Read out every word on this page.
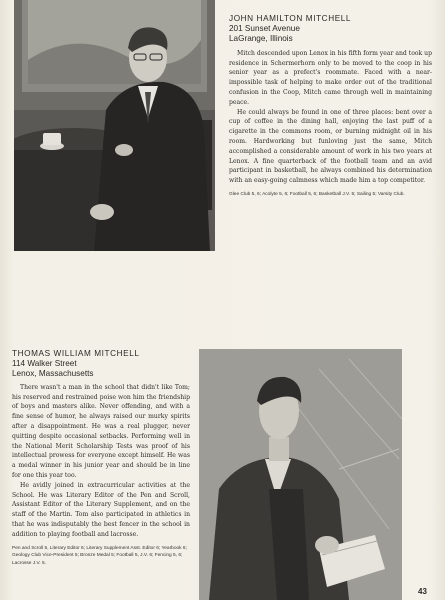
JOHN HAMILTON MITCHELL

201 Sunset Avenue

LaGrange, Illinois

Mitch descended upon Lenox in his fifth form year and took up residence in Schermerhorn only to be moved to the coop in his senior year as a prefect's roommate. Faced with a near-impossible task of helping to make order out of the traditional confusion in the Coop, Mitch came through well in maintaining peace.

He could always be found in one of three places: bent over a cup of coffee in the dining hall, enjoying the last puff of a cigarette in the commons room, or burning midnight oil in his room. Hardworking but funloving just the same, Mitch accomplished a considerable amount of work in his two years at Lenox. A fine quarterback of the football team and an avid participant in basketball, he always combined his determination with an easy-going calmness which made him a top competitor.

Glee Club 5, 6; Acolyte 5, 6; Football 5, 6; Basketball J.V. 5; Sailing 5; Varsity Club.

THOMAS WILLIAM MITCHELL

114 Walker Street

Lenox, Massachusetts

There wasn't a man in the school that didn't like Tom; his reserved and restrained poise won him the friendship of boys and masters alike. Never offending, and with a fine sense of humor, he always raised our murky spirits after a disappointment. He was a real plugger, never quitting despite occasional setbacks. Performing well in the National Merit Scholarship Tests was proof of his intellectual prowess for everyone except himself. He was a medal winner in his junior year and should be in line for one this year too.

He avidly joined in extracurricular activities at the School. He was Literary Editor of the Pen and Scroll, Assistant Editor of the Literary Supplement, and on the staff of the Martin. Tom also participated in athletics in that he was indisputably the best fencer in the school in addition to playing football and lacrosse.

Pen and Scroll 5, Literary Editor 6; Literary Supplement Asst. Editor 6; Yearbook 6; Geology Club Vice-President 5; Bronze Medal 5; Football 5, J.V. 6; Fencing 5, 6; Lacrosse J.V. 5.

43
